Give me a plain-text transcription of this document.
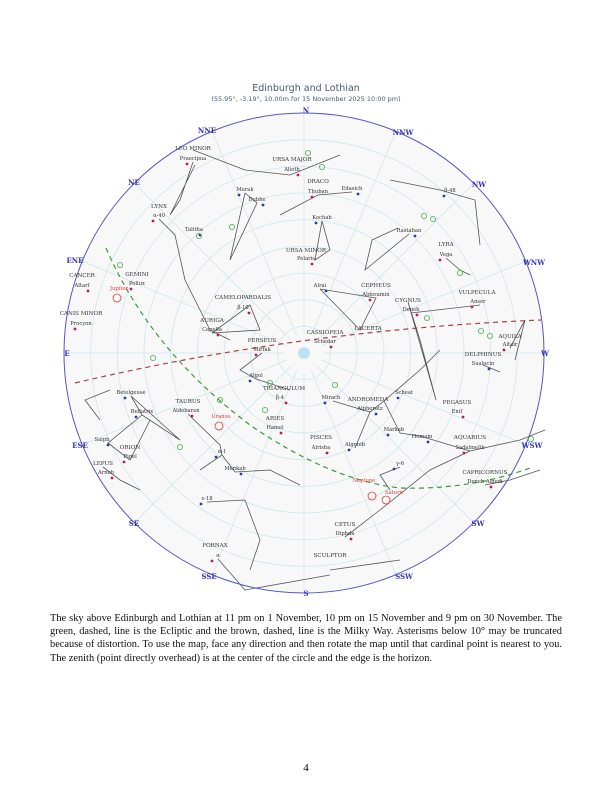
Edinburgh and Lothian
(55.95°, -3.19°, 10.00m for 15 November 2025 10:00 pm)
N
NNE
NE
ENE
E
ESE
SE
SSE
S
SSW
SW
WSW
W
WNW
NW
NNW
LEO MINOR
URSA MAJOR
DRACO
LYNX
URSA MINOR
LYRA
CANCER	GEMINI
CEPHEUS
CYGNUS
VULPECULA
CAMELOPARDALIS
CANIS MINOR
AURIGA
AQUILA
LACERTA
CASSIOPEIA
PERSEUS
DELPHINUS
TRIANGULUM
TAURUS
ARIES
ANDROMEDA	PEGASUS
AQUARIUS
PISCES
ORION
LEPUS
CAPRICORNUS
CETUS
FORNAX
SCULPTOR
Praecipua
Alioth
Thuban	Edasich
Merak
Dubhe
α-40
Talitha
Kochab
Rastaban
θ-48
Polaris
Vega
Altarf	Pollux	Alrai
Alderamin
Deneb
Anser
β-10
Procyon
Capella
Altair
Schedar
Mirfak
Sualocin
Algol
β-4
Betelgeuse
Aldebaran
Bellatrix
Hamel
Mirach
Alpheratz
Scheat
Enif
Markab
Homam
Sadalmelik
Alrisha	Algenib
Saiph
Rigel
Arneb
α-1
Menkab
γ-6
Deneb Algedi
ε-18
Diphda
α
Jupiter
Uranus
Neptune
Saturn
The sky above Edinburgh and Lothian at 11 pm on 1 November, 10 pm on 15 November and 9 pm on 30 November. The green, dashed, line is the Ecliptic and the brown, dashed, line is the Milky Way. Asterisms below 10° may be truncated because of distortion. To use the map, face any direction and then rotate the map until that cardinal point is nearest to you. The zenith (point directly overhead) is at the center of the circle and the edge is the horizon.
4
